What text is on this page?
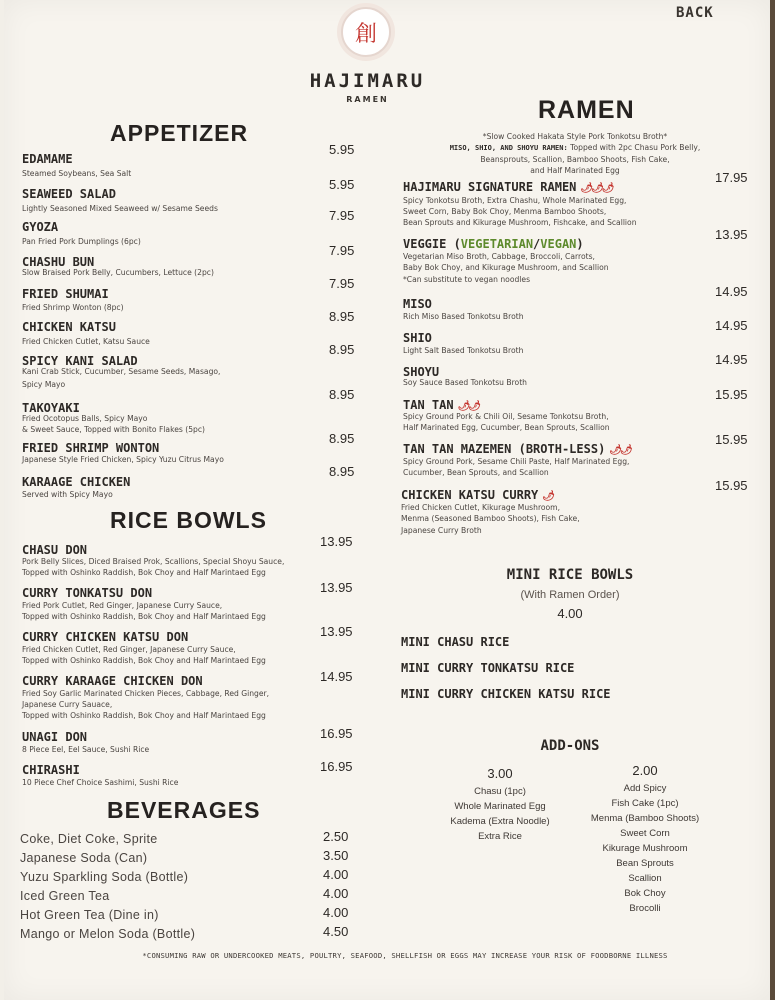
BACK
創
HAJIMARU
RAMEN
APPETIZER
EDAMAME
Steamed Soybeans, Sea Salt
5.95
SEAWEED SALAD
Lightly Seasoned Mixed Seaweed w/ Sesame Seeds
5.95
GYOZA
Pan Fried Pork Dumplings (6pc)
7.95
CHASHU BUN
Slow Braised Pork Belly, Cucumbers, Lettuce (2pc)
7.95
FRIED SHUMAI
Fried Shrimp Wonton (8pc)
7.95
CHICKEN KATSU
Fried Chicken Cutlet, Katsu Sauce
8.95
SPICY KANI SALAD
Kani Crab Stick, Cucumber, Sesame Seeds, Masago,
Spicy Mayo
8.95
TAKOYAKI
Fried Ocotopus Balls, Spicy Mayo
& Sweet Sauce, Topped with Bonito Flakes (5pc)
8.95
FRIED SHRIMP WONTON
Japanese Style Fried Chicken, Spicy Yuzu Citrus Mayo
8.95
KARAAGE CHICKEN
Served with Spicy Mayo
8.95
RICE BOWLS
CHASU DON
Pork Belly Slices, Diced Braised Prok, Scallions, Special Shoyu Sauce,
Topped with Oshinko Raddish, Bok Choy and Half Marintaed Egg
13.95
CURRY TONKATSU DON
Fried Pork Cutlet, Red Ginger, Japanese Curry Sauce,
Topped with Oshinko Raddish, Bok Choy and Half Marintaed Egg
13.95
CURRY CHICKEN KATSU DON
Fried Chicken Cutlet, Red Ginger, Japanese Curry Sauce,
Topped with Oshinko Raddish, Bok Choy and Half Marintaed Egg
13.95
CURRY KARAAGE CHICKEN DON
Fried Soy Garlic Marinated Chicken Pieces, Cabbage, Red Ginger,
Japanese Curry Sauace,
Topped with Oshinko Raddish, Bok Choy and Half Marintaed Egg
14.95
UNAGI DON
8 Piece Eel, Eel Sauce, Sushi Rice
16.95
CHIRASHI
10 Piece Chef Choice Sashimi, Sushi Rice
16.95
BEVERAGES
Coke, Diet Coke, Sprite	2.50
Japanese Soda (Can)	3.50
Yuzu Sparkling Soda (Bottle)	4.00
Iced Green Tea	4.00
Hot Green Tea (Dine in)	4.00
Mango or Melon Soda (Bottle)	4.50
RAMEN
*Slow Cooked Hakata Style Pork Tonkotsu Broth*
MISO, SHIO, AND SHOYU RAMEN: Topped with 2pc Chasu Pork Belly,
Beansprouts, Scallion, Bamboo Shoots, Fish Cake,
and Half Marinated Egg
HAJIMARU SIGNATURE RAMEN 🌶🌶🌶
Spicy Tonkotsu Broth, Extra Chashu, Whole Marinated Egg,
Sweet Corn, Baby Bok Choy, Menma Bamboo Shoots,
Bean Sprouts and Kikurage Mushroom, Fishcake, and Scallion
17.95
VEGGIE (VEGETARIAN/VEGAN)
Vegetarian Miso Broth, Cabbage, Broccoli, Carrots,
Baby Bok Choy, and Kikurage Mushroom, and Scallion
*Can substitute to vegan noodles
13.95
MISO
Rich Miso Based Tonkotsu Broth
14.95
SHIO
Light Salt Based Tonkotsu Broth
14.95
SHOYU
Soy Sauce Based Tonkotsu Broth
14.95
TAN TAN 🌶🌶
Spicy Ground Pork & Chili Oil, Sesame Tonkotsu Broth,
Half Marinated Egg, Cucumber, Bean Sprouts, Scallion
15.95
TAN TAN MAZEMEN (BROTH-LESS) 🌶🌶
Spicy Ground Pork, Sesame Chili Paste, Half Marinated Egg,
Cucumber, Bean Sprouts, and Scallion
15.95
CHICKEN KATSU CURRY 🌶
Fried Chicken Cutlet, Kikurage Mushroom,
Menma (Seasoned Bamboo Shoots), Fish Cake,
Japanese Curry Broth
15.95
MINI RICE BOWLS
(With Ramen Order)
4.00
MINI CHASU RICE
MINI CURRY TONKATSU RICE
MINI CURRY CHICKEN KATSU RICE
ADD-ONS
3.00
Chasu (1pc)
Whole Marinated Egg
Kadema (Extra Noodle)
Extra Rice
2.00
Add Spicy
Fish Cake (1pc)
Menma (Bamboo Shoots)
Sweet Corn
Kikurage Mushroom
Bean Sprouts
Scallion
Bok Choy
Brocolli
*CONSUMING RAW OR UNDERCOOKED MEATS, POULTRY, SEAFOOD, SHELLFISH OR EGGS MAY INCREASE YOUR RISK OF FOODBORNE ILLNESS
